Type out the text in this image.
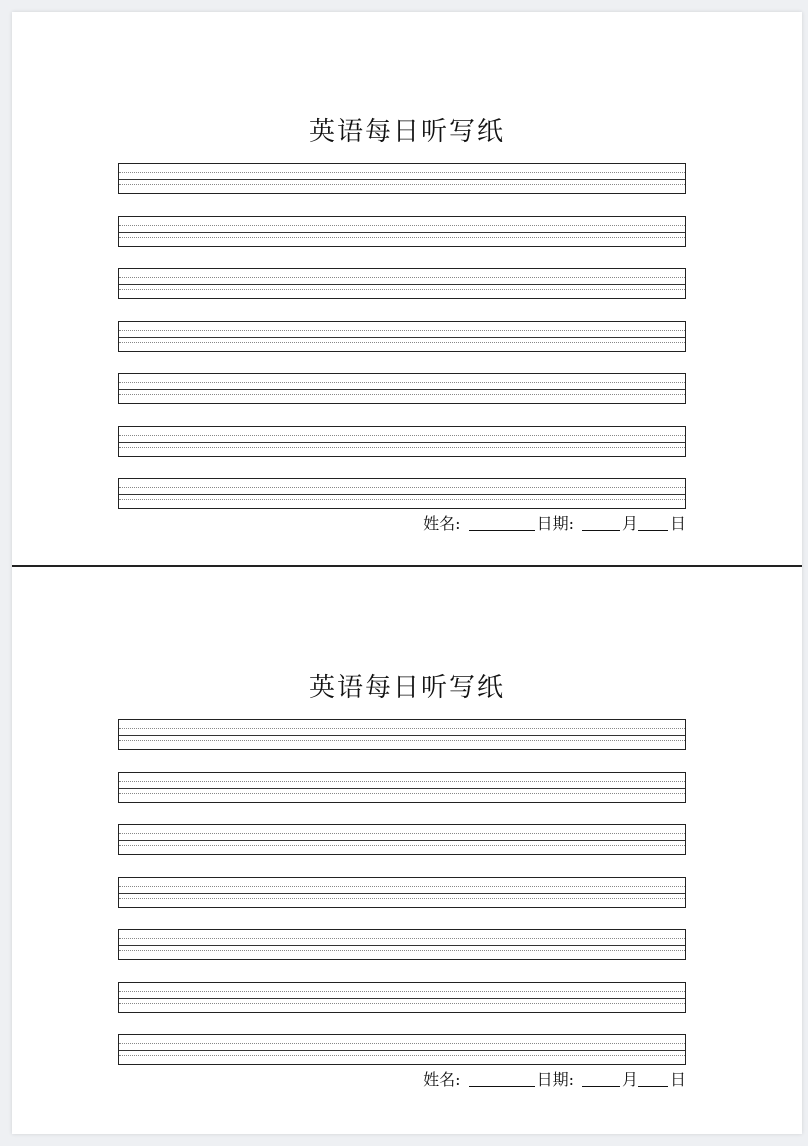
英语每日听写纸
姓名:	日期:	月 日
英语每日听写纸
姓名:	日期:	月 日
